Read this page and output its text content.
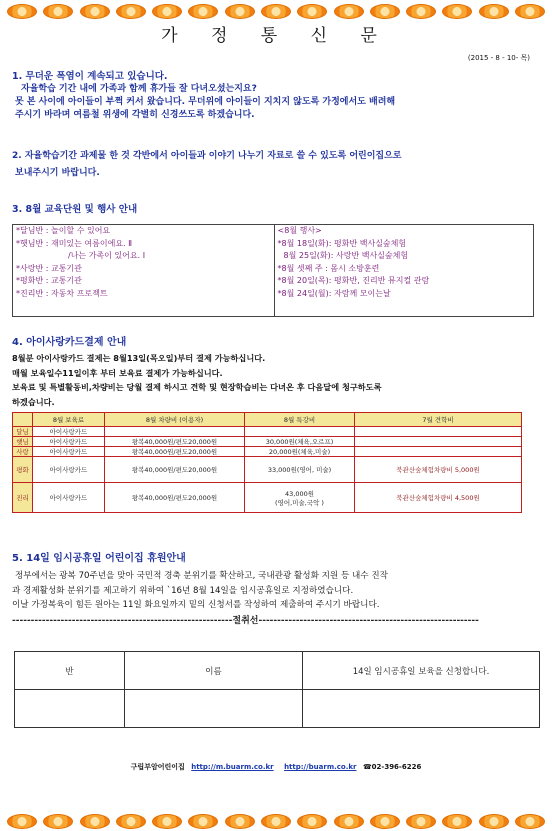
가 정 통 신 문
(2015 - 8 - 10- 목)
1. 무더운 폭염이 계속되고 있습니다.
자율학습 기간 내에 가족과 함께 휴가들 잘 다녀오셨는지요?
못 본 사이에 아이들이 부쩍 커서 왔습니다. 무더위에 아이들이 지치지 않도록 가정에서도 배려해
주시기 바라며 여름철 위생에 각별히 신경쓰도록 하겠습니다.
2. 자율학습기간 과제물 한 것 각반에서 아이들과 이야기 나누기 자료로 쓸 수 있도록 어린이집으로
보내주시기 바랍니다.
3. 8월 교육단원 및 행사 안내
*달님반 : 놀이할 수 있어요
*햇님반 : 재미있는 여름이에요. Ⅱ
/나는 가족이 있어요. Ⅰ
*사랑반 : 교통기관
*평화반 : 교통기관
*진리반 : 자동차 프로젝트

<8월 행사>
*8월 18일(화): 평화반 백사실숲체험
8월 25일(화): 사랑반 백사실숲체험
*8월 셋째 주 : 몸시 소방훈련
*8월 20일(목): 평화반, 진리반 뮤지컬 관람
*8월 24일(월): 자람께 모이는날
4. 아이사랑카드결제 안내
8월분 아이사랑카드 결제는 8월13일(목오일)부터 결제 가능하십니다.
매월 보육일수11일이후 부터 보육료 결제가 가능하십니다.
보육료 및 특별활동비,차량비는 당월 결제 하시고 견학 및 현장학습비는 다녀온 후 다음달에 청구하도록
하겠습니다.
	8월 보육료	8월 차량비 (이용자)	8월 특강비	7월 견학비
달님	아이사랑카드			
햇님	아이사랑카드	왕복40,000원/편도20,000원	30,000원(체육,오르프)	
사랑	아이사랑카드	왕복40,000원/편도20,000원	20,000원(체육,미술)	
평화	아이사랑카드	왕복40,000원/편도20,000원	33,000원(영어, 미술)	북관산숲체험차량비 5,000원
진리	아이사랑카드	왕복40,000원/편도20,000원	43,000원
(영어,미술,국악 )	북관산숲체험차량비 4,500원
5. 14일 임시공휴일 어린이집 휴원안내
정부에서는 광복 70주년을 맞아 국민적 경축 분위기를 확산하고, 국내관광 활성화 지원 등 내수 진작
과 경제활성화 분위기를 제고하기 위하여 `16년 8월 14일을 임시공휴일로 지정하였습니다.
이날 가정복육이 힘든 원아는 11일 화요일까지 밑의 신청서를 작성하여 제출하여 주시기 바랍니다.
-----------------------------------------------------------절취선-----------------------------------------------------------
반	이름	14일 임시공휴일 보육을 신청합니다.

구립부암어린이집 http://m.buarm.co.kr http://buarm.co.kr ☎02-396-6226
